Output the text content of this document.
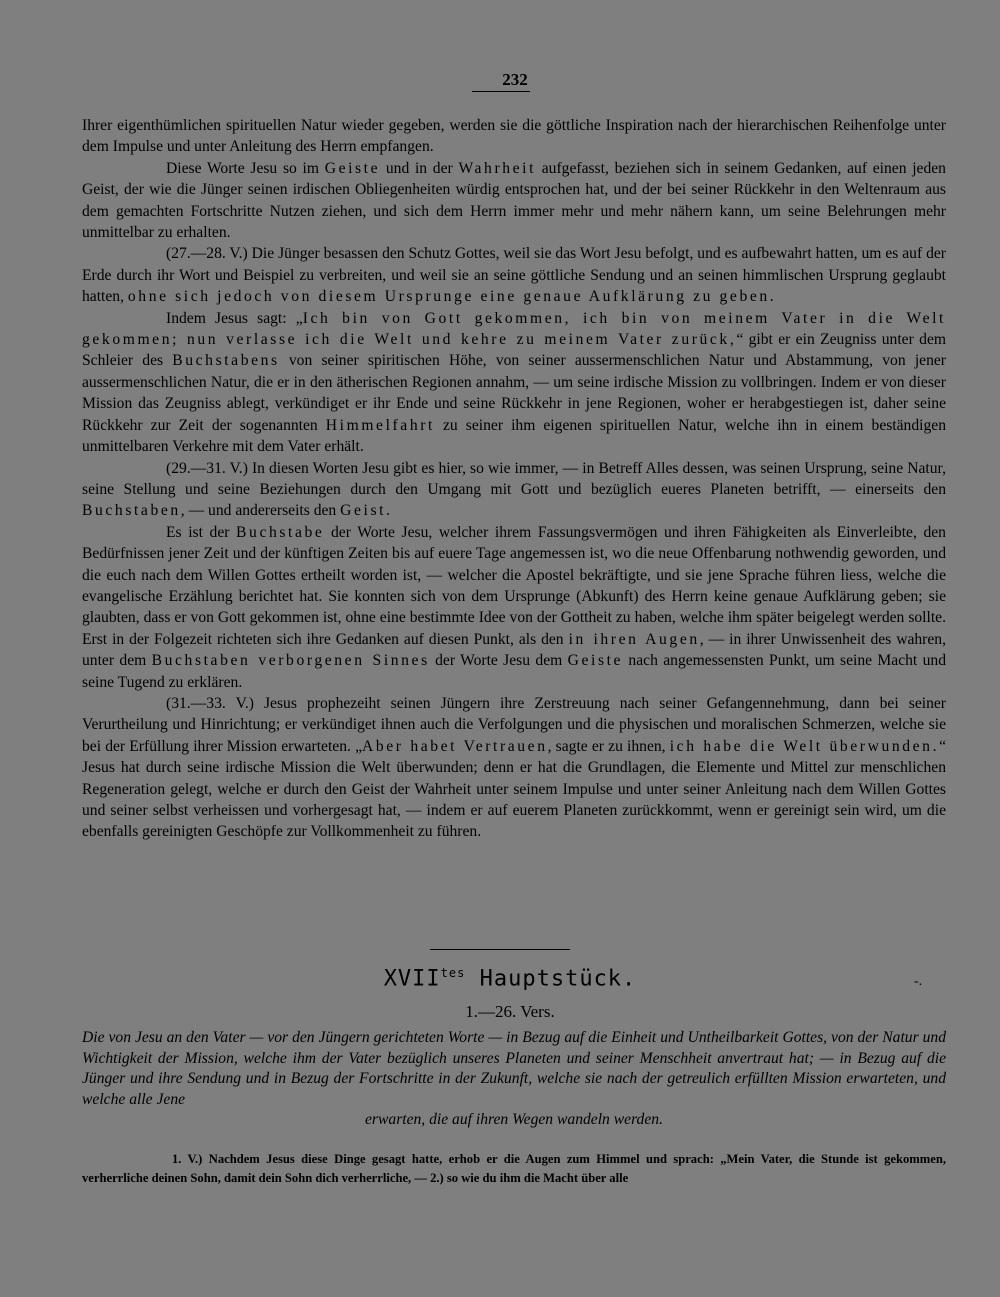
232

Ihrer eigenthümlichen spirituellen Natur wieder gegeben, werden sie die göttliche Inspiration nach der hierarchischen Reihenfolge unter dem Impulse und unter Anleitung des Herrn empfangen.

Diese Worte Jesu so im Geiste und in der Wahrheit aufgefasst, beziehen sich in seinem Gedanken, auf einen jeden Geist, der wie die Jünger seinen irdischen Obliegenheiten würdig entsprochen hat, und der bei seiner Rückkehr in den Weltenraum aus dem gemachten Fortschritte Nutzen ziehen, und sich dem Herrn immer mehr und mehr nähern kann, um seine Belehrungen mehr unmittelbar zu erhalten.

(27.—28. V.) Die Jünger besassen den Schutz Gottes, weil sie das Wort Jesu befolgt, und es aufbewahrt hatten, um es auf der Erde durch ihr Wort und Beispiel zu verbreiten, und weil sie an seine göttliche Sendung und an seinen himmlischen Ursprung geglaubt hatten, ohne sich jedoch von diesem Ursprunge eine genaue Aufklärung zu geben.

Indem Jesus sagt: „Ich bin von Gott gekommen, ich bin von meinem Vater in die Welt gekommen; nun verlasse ich die Welt und kehre zu meinem Vater zurück,“ gibt er ein Zeugniss unter dem Schleier des Buchstabens von seiner spiritischen Höhe, von seiner aussermenschlichen Natur und Abstammung, von jener aussermenschlichen Natur, die er in den ätherischen Regionen annahm, — um seine irdische Mission zu vollbringen. Indem er von dieser Mission das Zeugniss ablegt, verkündiget er ihr Ende und seine Rückkehr in jene Regionen, woher er herabgestiegen ist, daher seine Rückkehr zur Zeit der sogenannten Himmelfahrt zu seiner ihm eigenen spirituellen Natur, welche ihn in einem beständigen unmittelbaren Verkehre mit dem Vater erhält.

(29.—31. V.) In diesen Worten Jesu gibt es hier, so wie immer, — in Betreff Alles dessen, was seinen Ursprung, seine Natur, seine Stellung und seine Beziehungen durch den Umgang mit Gott und bezüglich eueres Planeten betrifft, — einerseits den Buchstaben, — und andererseits den Geist.

Es ist der Buchstabe der Worte Jesu, welcher ihrem Fassungsvermögen und ihren Fähigkeiten als Einverleibte, den Bedürfnissen jener Zeit und der künftigen Zeiten bis auf euere Tage angemessen ist, wo die neue Offenbarung nothwendig geworden, und die euch nach dem Willen Gottes ertheilt worden ist, — welcher die Apostel bekräftigte, und sie jene Sprache führen liess, welche die evangelische Erzählung berichtet hat. Sie konnten sich von dem Ursprunge (Abkunft) des Herrn keine genaue Aufklärung geben; sie glaubten, dass er von Gott gekommen ist, ohne eine bestimmte Idee von der Gottheit zu haben, welche ihm später beigelegt werden sollte. Erst in der Folgezeit richteten sich ihre Gedanken auf diesen Punkt, als den in ihren Augen, — in ihrer Unwissenheit des wahren, unter dem Buchstaben verborgenen Sinnes der Worte Jesu dem Geiste nach angemessensten Punkt, um seine Macht und seine Tugend zu erklären.

(31.—33. V.) Jesus prophezeiht seinen Jüngern ihre Zerstreuung nach seiner Gefangennehmung, dann bei seiner Verurtheilung und Hinrichtung; er verkündiget ihnen auch die Verfolgungen und die physischen und moralischen Schmerzen, welche sie bei der Erfüllung ihrer Mission erwarteten. „Aber habet Vertrauen, sagte er zu ihnen, ich habe die Welt überwunden.“ Jesus hat durch seine irdische Mission die Welt überwunden; denn er hat die Grundlagen, die Elemente und Mittel zur menschlichen Regeneration gelegt, welche er durch den Geist der Wahrheit unter seinem Impulse und unter seiner Anleitung nach dem Willen Gottes und seiner selbst verheissen und vorhergesagt hat, — indem er auf euerem Planeten zurückkommt, wenn er gereinigt sein wird, um die ebenfalls gereinigten Geschöpfe zur Vollkommenheit zu führen.

$XVII^{tes}$ Hauptstück.	-.
1.—26. Vers.
Die von Jesu an den Vater — vor den Jüngern gerichteten Worte — in Bezug auf die Einheit und Untheilbarkeit Gottes, von der Natur und Wichtigkeit der Mission, welche ihm der Vater bezüglich unseres Planeten und seiner Menschheit anvertraut hat; — in Bezug auf die Jünger und ihre Sendung und in Bezug der Fortschritte in der Zukunft, welche sie nach der getreulich erfüllten Mission erwarteten, und welche alle Jene
erwarten, die auf ihren Wegen wandeln werden.

1. V.) Nachdem Jesus diese Dinge gesagt hatte, erhob er die Augen zum Himmel und sprach: „Mein Vater, die Stunde ist gekommen, verherrliche deinen Sohn, damit dein Sohn dich verherrliche, — 2.) so wie du ihm die Macht über alle
